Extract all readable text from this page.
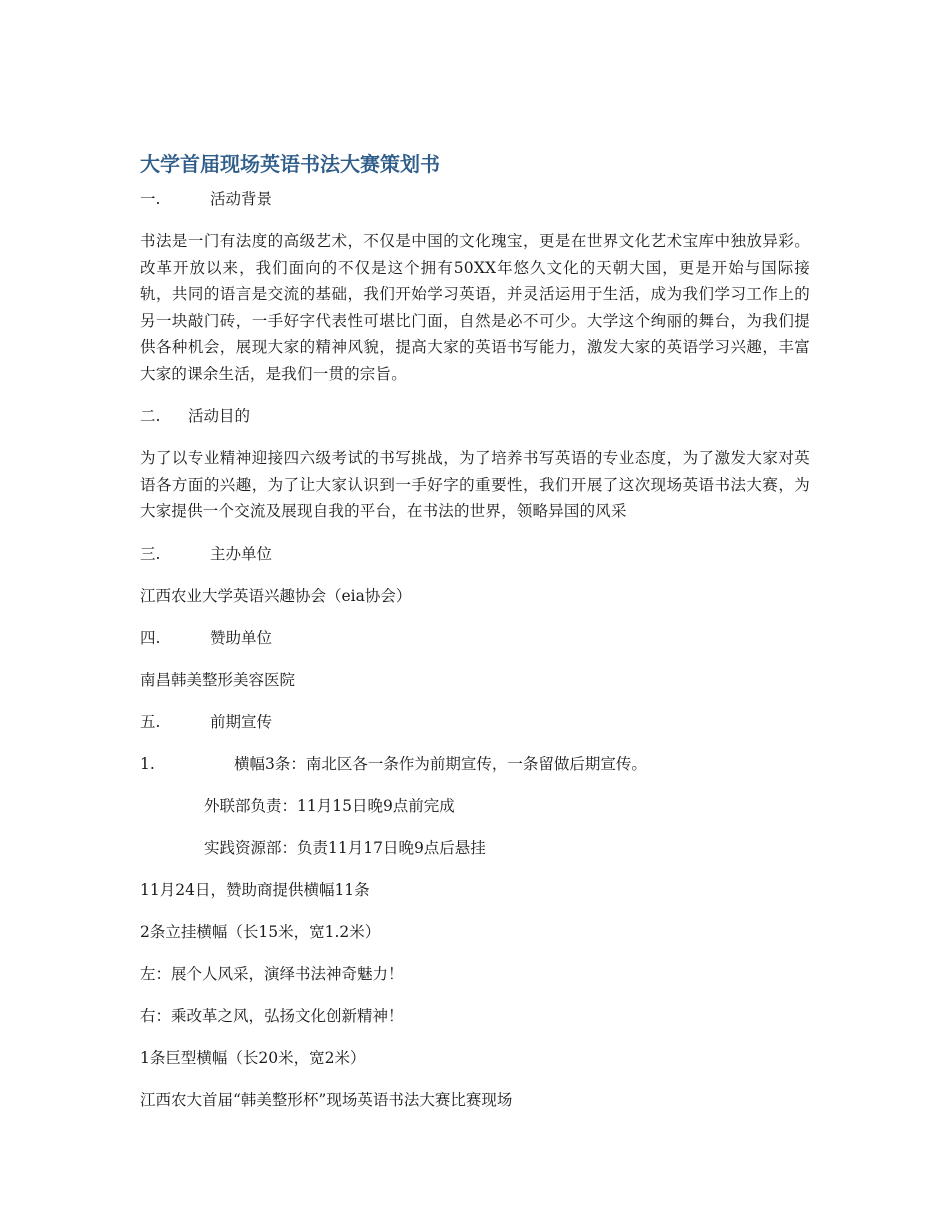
大学首届现场英语书法大赛策划书
一.	活动背景

书法是一门有法度的高级艺术，不仅是中国的文化瑰宝，更是在世界文化艺术宝库中独放异彩。改革开放以来，我们面向的不仅是这个拥有50XX年悠久文化的天朝大国，更是开始与国际接轨，共同的语言是交流的基础，我们开始学习英语，并灵活运用于生活，成为我们学习工作上的另一块敲门砖，一手好字代表性可堪比门面，自然是必不可少。大学这个绚丽的舞台，为我们提供各种机会，展现大家的精神风貌，提高大家的英语书写能力，激发大家的英语学习兴趣，丰富大家的课余生活，是我们一贯的宗旨。

二. 活动目的

为了以专业精神迎接四六级考试的书写挑战，为了培养书写英语的专业态度，为了激发大家对英语各方面的兴趣，为了让大家认识到一手好字的重要性，我们开展了这次现场英语书法大赛，为大家提供一个交流及展现自我的平台，在书法的世界，领略异国的风采

三.	主办单位
江西农业大学英语兴趣协会（eia协会）
四.	赞助单位
南昌韩美整形美容医院
五.	前期宣传
1.	横幅3条：南北区各一条作为前期宣传，一条留做后期宣传。
外联部负责：11月15日晚9点前完成
实践资源部：负责11月17日晚9点后悬挂
11月24日，赞助商提供横幅11条
2条立挂横幅（长15米，宽1.2米）
左：展个人风采，演绎书法神奇魅力！
右：乘改革之风，弘扬文化创新精神！
1条巨型横幅（长20米，宽2米）
江西农大首届“韩美整形杯”现场英语书法大赛比赛现场
